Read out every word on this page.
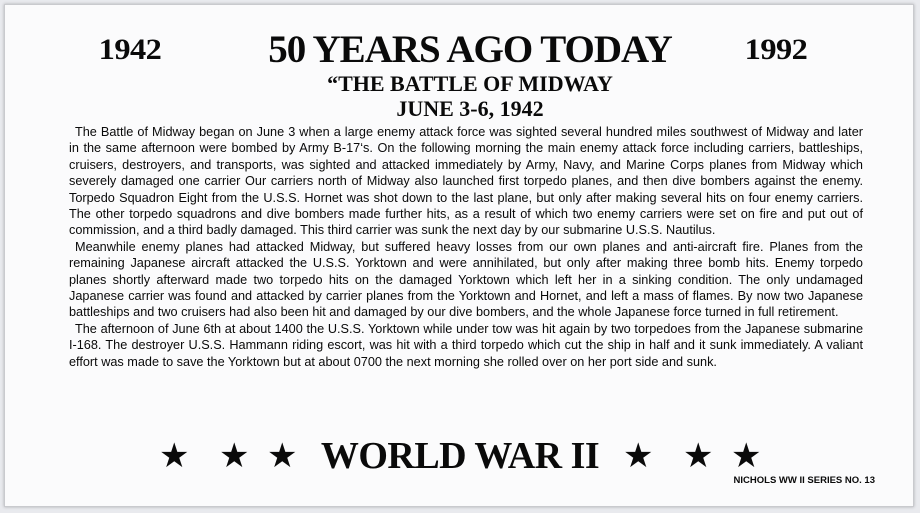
1942	50 YEARS AGO TODAY	1992
“THE BATTLE OF MIDWAY
JUNE 3-6, 1942

The Battle of Midway began on June 3 when a large enemy attack force was sighted several hundred miles southwest of Midway and later in the same afternoon were bombed by Army B-17‘s. On the following morning the main enemy attack force including carriers, battleships, cruisers, destroyers, and transports, was sighted and attacked immediately by Army, Navy, and Marine Corps planes from Midway which severely damaged one carrier Our carriers north of Midway also launched first torpedo planes, and then dive bombers against the enemy. Torpedo Squadron Eight from the U.S.S. Hornet was shot down to the last plane, but only after making several hits on four enemy carriers. The other torpedo squadrons and dive bombers made further hits, as a result of which two enemy carriers were set on fire and put out of commission, and a third badly damaged. This third carrier was sunk the next day by our submarine U.S.S. Nautilus.

Meanwhile enemy planes had attacked Midway, but suffered heavy losses from our own planes and anti-aircraft fire. Planes from the remaining Japanese aircraft attacked the U.S.S. Yorktown and were annihilated, but only after making three bomb hits. Enemy torpedo planes shortly afterward made two torpedo hits on the damaged Yorktown which left her in a sinking condition. The only undamaged Japanese carrier was found and attacked by carrier planes from the Yorktown and Hornet, and left a mass of flames. By now two Japanese battleships and two cruisers had also been hit and damaged by our dive bombers, and the whole Japanese force turned in full retirement.

The afternoon of June 6th at about 1400 the U.S.S. Yorktown while under tow was hit again by two torpedoes from the Japanese submarine I-168. The destroyer U.S.S. Hammann riding escort, was hit with a third torpedo which cut the ship in half and it sunk immediately. A valiant effort was made to save the Yorktown but at about 0700 the next morning she rolled over on her port side and sunk.

★ ★ ★ WORLD WAR II ★ ★ ★
NICHOLS WW II SERIES NO. 13
